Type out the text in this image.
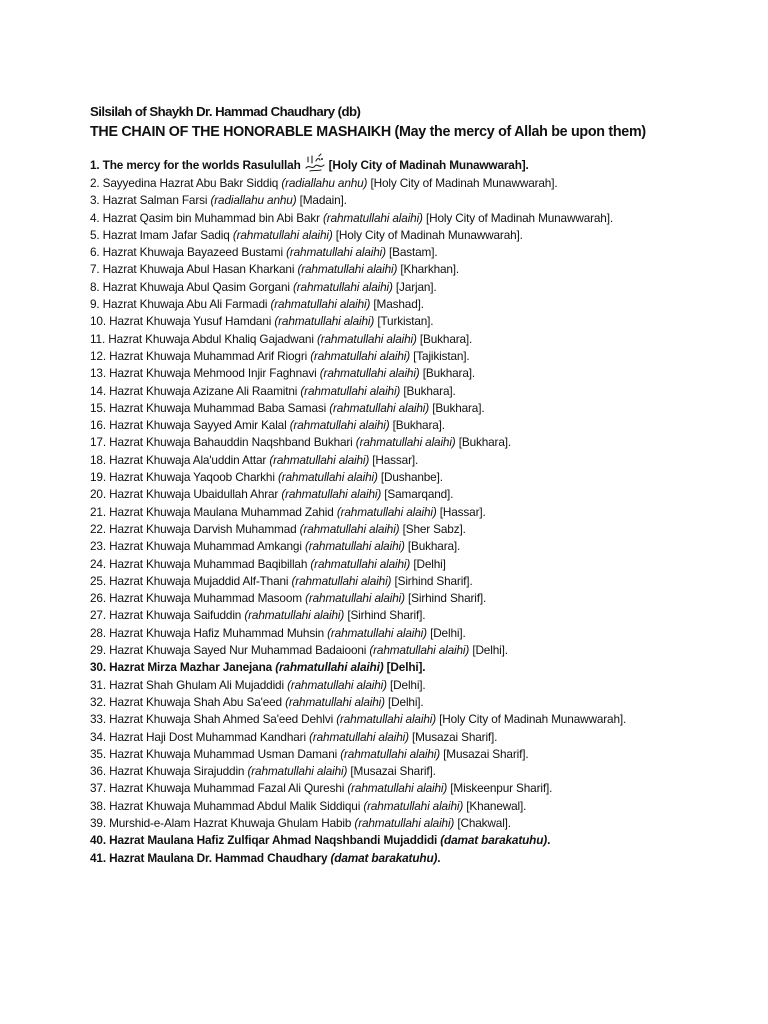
Silsilah of Shaykh Dr. Hammad Chaudhary (db)
THE CHAIN OF THE HONORABLE MASHAIKH (May the mercy of Allah be upon them)
1. The mercy for the worlds Rasulullah [Holy City of Madinah Munawwarah].
2. Sayyedina Hazrat Abu Bakr Siddiq (radiallahu anhu) [Holy City of Madinah Munawwarah].
3. Hazrat Salman Farsi (radiallahu anhu) [Madain].
4. Hazrat Qasim bin Muhammad bin Abi Bakr (rahmatullahi alaihi) [Holy City of Madinah Munawwarah].
5. Hazrat Imam Jafar Sadiq (rahmatullahi alaihi) [Holy City of Madinah Munawwarah].
6. Hazrat Khuwaja Bayazeed Bustami (rahmatullahi alaihi) [Bastam].
7. Hazrat Khuwaja Abul Hasan Kharkani (rahmatullahi alaihi) [Kharkhan].
8. Hazrat Khuwaja Abul Qasim Gorgani (rahmatullahi alaihi) [Jarjan].
9. Hazrat Khuwaja Abu Ali Farmadi (rahmatullahi alaihi) [Mashad].
10. Hazrat Khuwaja Yusuf Hamdani (rahmatullahi alaihi) [Turkistan].
11. Hazrat Khuwaja Abdul Khaliq Gajadwani (rahmatullahi alaihi) [Bukhara].
12. Hazrat Khuwaja Muhammad Arif Riogri (rahmatullahi alaihi) [Tajikistan].
13. Hazrat Khuwaja Mehmood Injir Faghnavi (rahmatullahi alaihi) [Bukhara].
14. Hazrat Khuwaja Azizane Ali Raamitni (rahmatullahi alaihi) [Bukhara].
15. Hazrat Khuwaja Muhammad Baba Samasi (rahmatullahi alaihi) [Bukhara].
16. Hazrat Khuwaja Sayyed Amir Kalal (rahmatullahi alaihi) [Bukhara].
17. Hazrat Khuwaja Bahauddin Naqshband Bukhari (rahmatullahi alaihi) [Bukhara].
18. Hazrat Khuwaja Ala'uddin Attar (rahmatullahi alaihi) [Hassar].
19. Hazrat Khuwaja Yaqoob Charkhi (rahmatullahi alaihi) [Dushanbe].
20. Hazrat Khuwaja Ubaidullah Ahrar (rahmatullahi alaihi) [Samarqand].
21. Hazrat Khuwaja Maulana Muhammad Zahid (rahmatullahi alaihi) [Hassar].
22. Hazrat Khuwaja Darvish Muhammad (rahmatullahi alaihi) [Sher Sabz].
23. Hazrat Khuwaja Muhammad Amkangi (rahmatullahi alaihi) [Bukhara].
24. Hazrat Khuwaja Muhammad Baqibillah (rahmatullahi alaihi) [Delhi]
25. Hazrat Khuwaja Mujaddid Alf-Thani (rahmatullahi alaihi) [Sirhind Sharif].
26. Hazrat Khuwaja Muhammad Masoom (rahmatullahi alaihi) [Sirhind Sharif].
27. Hazrat Khuwaja Saifuddin (rahmatullahi alaihi) [Sirhind Sharif].
28. Hazrat Khuwaja Hafiz Muhammad Muhsin (rahmatullahi alaihi) [Delhi].
29. Hazrat Khuwaja Sayed Nur Muhammad Badaiooni (rahmatullahi alaihi) [Delhi].
30. Hazrat Mirza Mazhar Janejana (rahmatullahi alaihi) [Delhi].
31. Hazrat Shah Ghulam Ali Mujaddidi (rahmatullahi alaihi) [Delhi].
32. Hazrat Khuwaja Shah Abu Sa'eed (rahmatullahi alaihi) [Delhi].
33. Hazrat Khuwaja Shah Ahmed Sa'eed Dehlvi (rahmatullahi alaihi) [Holy City of Madinah Munawwarah].
34. Hazrat Haji Dost Muhammad Kandhari (rahmatullahi alaihi) [Musazai Sharif].
35. Hazrat Khuwaja Muhammad Usman Damani (rahmatullahi alaihi) [Musazai Sharif].
36. Hazrat Khuwaja Sirajuddin (rahmatullahi alaihi) [Musazai Sharif].
37. Hazrat Khuwaja Muhammad Fazal Ali Qureshi (rahmatullahi alaihi) [Miskeenpur Sharif].
38. Hazrat Khuwaja Muhammad Abdul Malik Siddiqui (rahmatullahi alaihi) [Khanewal].
39. Murshid-e-Alam Hazrat Khuwaja Ghulam Habib (rahmatullahi alaihi) [Chakwal].
40. Hazrat Maulana Hafiz Zulfiqar Ahmad Naqshbandi Mujaddidi (damat barakatuhu).
41. Hazrat Maulana Dr. Hammad Chaudhary (damat barakatuhu).
